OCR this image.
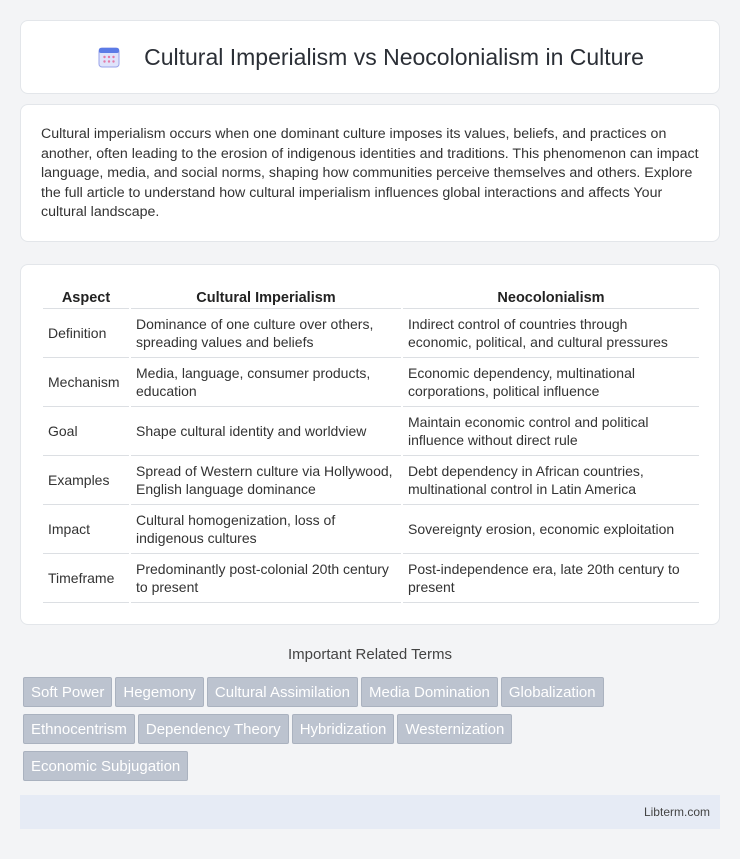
Cultural Imperialism vs Neocolonialism in Culture

Cultural imperialism occurs when one dominant culture imposes its values, beliefs, and practices on another, often leading to the erosion of indigenous identities and traditions. This phenomenon can impact language, media, and social norms, shaping how communities perceive themselves and others. Explore the full article to understand how cultural imperialism influences global interactions and affects Your cultural landscape.

Aspect	Cultural Imperialism	Neocolonialism
Definition	Dominance of one culture over others, spreading values and beliefs	Indirect control of countries through economic, political, and cultural pressures
Mechanism	Media, language, consumer products, education	Economic dependency, multinational corporations, political influence
Goal	Shape cultural identity and worldview	Maintain economic control and political influence without direct rule
Examples	Spread of Western culture via Hollywood, English language dominance	Debt dependency in African countries, multinational control in Latin America
Impact	Cultural homogenization, loss of indigenous cultures	Sovereignty erosion, economic exploitation
Timeframe	Predominantly post-colonial 20th century to present	Post-independence era, late 20th century to present
Important Related Terms
Soft Power Hegemony Cultural Assimilation Media Domination Globalization
Ethnocentrism Dependency Theory Hybridization Westernization
Economic Subjugation
Libterm.com
